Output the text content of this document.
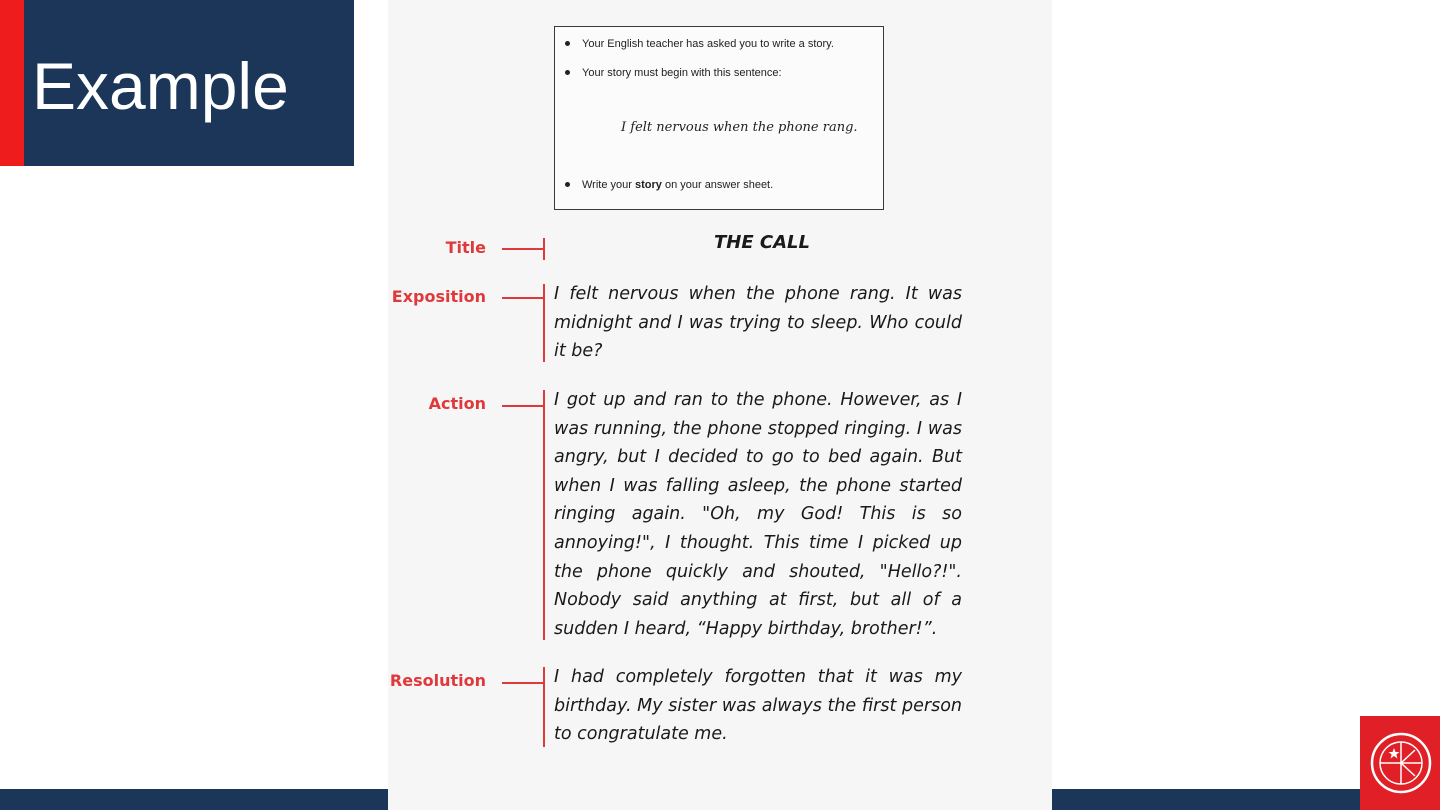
Example
Your English teacher has asked you to write a story.
Your story must begin with this sentence:
I felt nervous when the phone rang.
Write your story on your answer sheet.
Title	THE CALL
Exposition	I felt nervous when the phone rang. It was midnight and I was trying to sleep. Who could it be?

Action	I got up and ran to the phone. However, as I was running, the phone stopped ringing. I was angry, but I decided to go to bed again. But when I was falling asleep, the phone started ringing again. "Oh, my God! This is so annoying!", I thought. This time I picked up the phone quickly and shouted, "Hello?!". Nobody said anything at first, but all of a sudden I heard, “Happy birthday, brother!”.

Resolution	I had completely forgotten that it was my birthday. My sister was always the first person to congratulate me.
